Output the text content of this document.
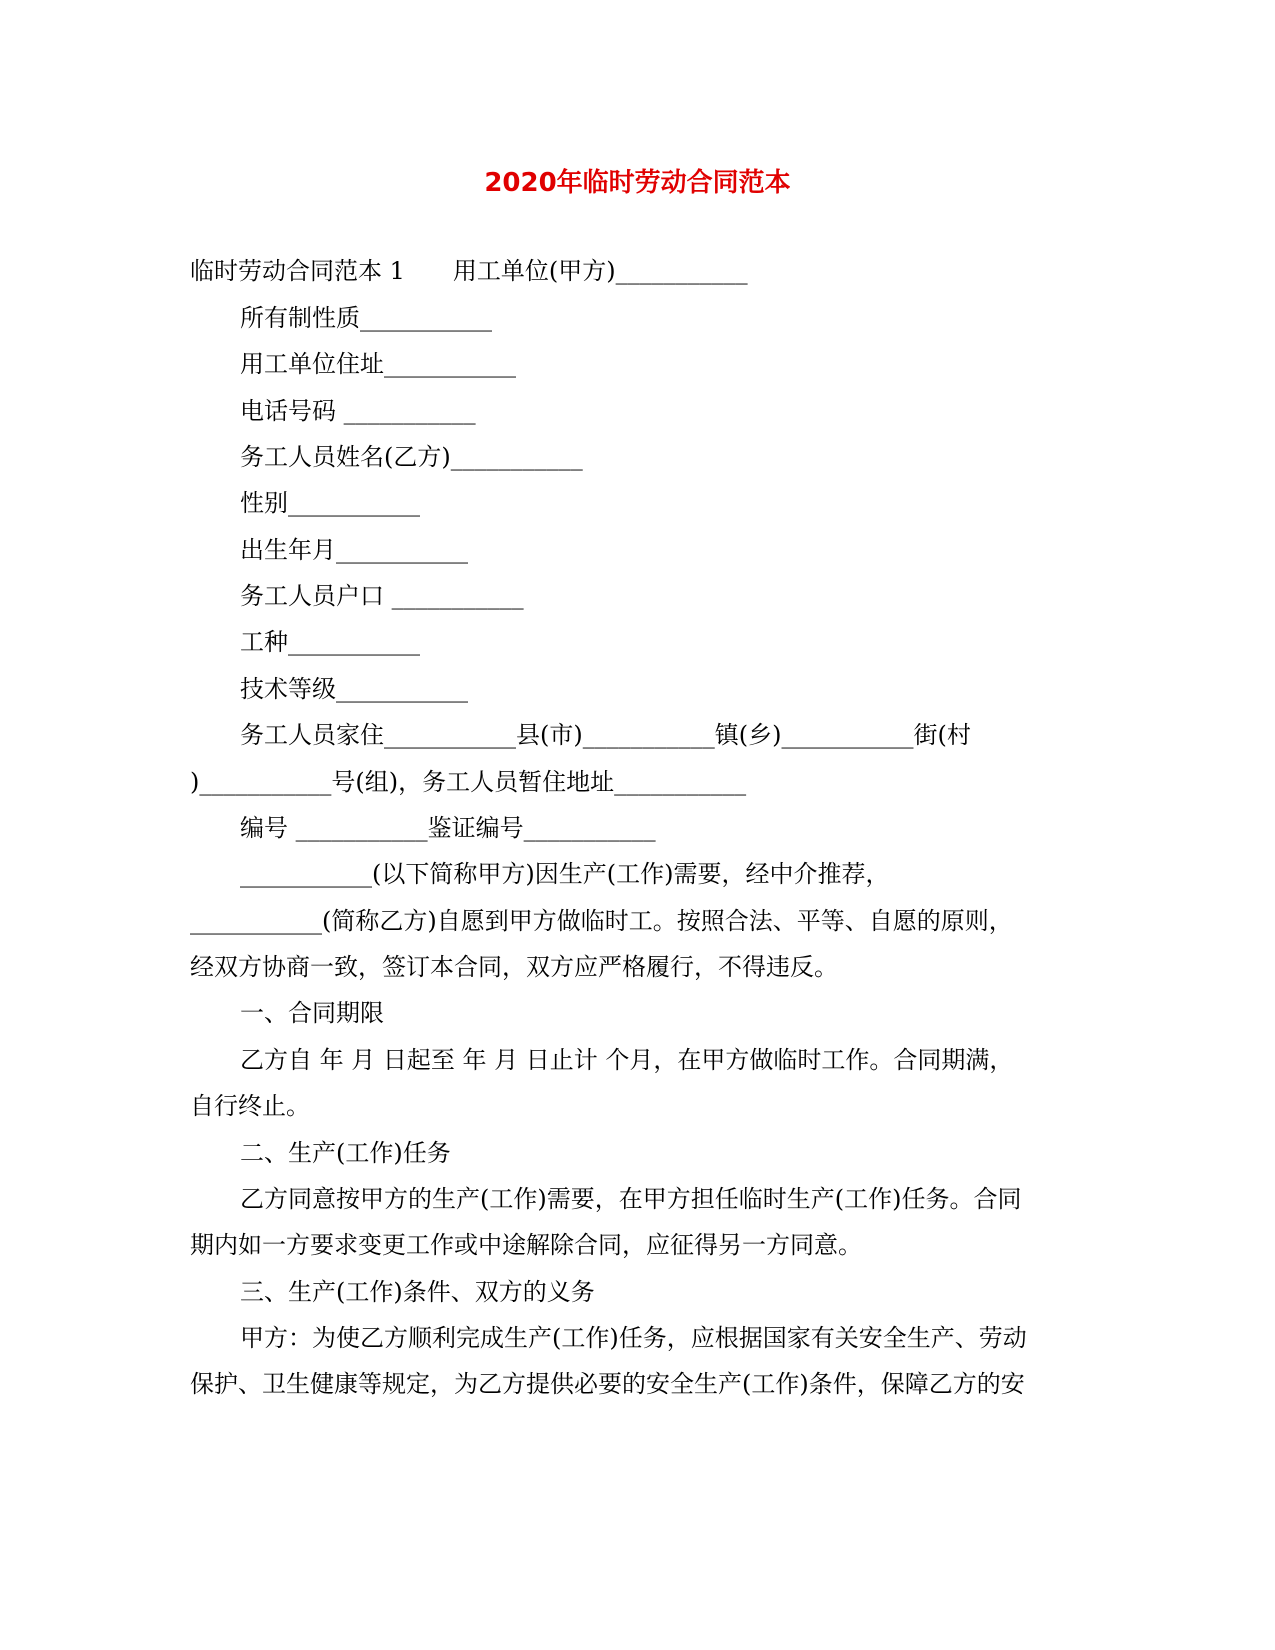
2020年临时劳动合同范本
临时劳动合同范本 1　　用工单位(甲方)___________
所有制性质___________
用工单位住址___________
电话号码 ___________
务工人员姓名(乙方)___________
性别___________
出生年月___________
务工人员户口 ___________
工种___________
技术等级___________
务工人员家住___________县(市)___________镇(乡)___________街(村
)___________号(组)，务工人员暂住地址___________
编号 ___________鉴证编号___________
___________(以下简称甲方)因生产(工作)需要，经中介推荐，
___________(简称乙方)自愿到甲方做临时工。按照合法、平等、自愿的原则，
经双方协商一致，签订本合同，双方应严格履行，不得违反。
一、合同期限
乙方自 年 月 日起至 年 月 日止计 个月，在甲方做临时工作。合同期满，
自行终止。
二、生产(工作)任务
乙方同意按甲方的生产(工作)需要，在甲方担任临时生产(工作)任务。合同
期内如一方要求变更工作或中途解除合同，应征得另一方同意。
三、生产(工作)条件、双方的义务
甲方：为使乙方顺利完成生产(工作)任务，应根据国家有关安全生产、劳动
保护、卫生健康等规定，为乙方提供必要的安全生产(工作)条件，保障乙方的安
